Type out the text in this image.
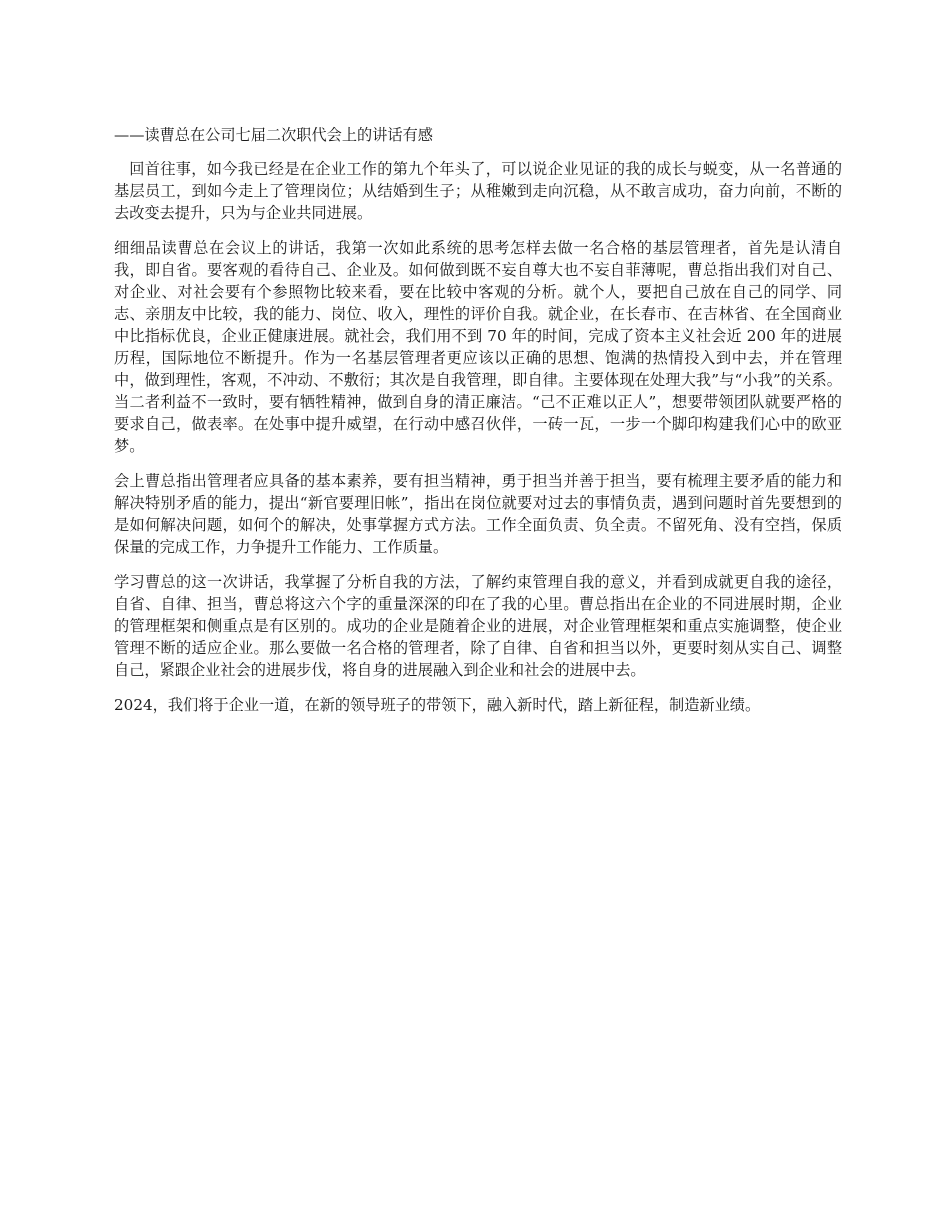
——读曹总在公司七届二次职代会上的讲话有感

回首往事，如今我已经是在企业工作的第九个年头了，可以说企业见证的我的成长与蜕变，从一名普通的基层员工，到如今走上了管理岗位；从结婚到生子；从稚嫩到走向沉稳，从不敢言成功，奋力向前，不断的去改变去提升，只为与企业共同进展。

细细品读曹总在会议上的讲话，我第一次如此系统的思考怎样去做一名合格的基层管理者，首先是认清自我，即自省。要客观的看待自己、企业及。如何做到既不妄自尊大也不妄自菲薄呢，曹总指出我们对自己、对企业、对社会要有个参照物比较来看，要在比较中客观的分析。就个人，要把自己放在自己的同学、同志、亲朋友中比较，我的能力、岗位、收入，理性的评价自我。就企业，在长春市、在吉林省、在全国商业中比指标优良，企业正健康进展。就社会，我们用不到 70 年的时间，完成了资本主义社会近 200 年的进展历程，国际地位不断提升。作为一名基层管理者更应该以正确的思想、饱满的热情投入到中去，并在管理中，做到理性，客观，不冲动、不敷衍；其次是自我管理，即自律。主要体现在处理大我”与“小我”的关系。当二者利益不一致时，要有牺牲精神，做到自身的清正廉洁。“己不正难以正人”，想要带领团队就要严格的要求自己，做表率。在处事中提升威望，在行动中感召伙伴，一砖一瓦，一步一个脚印构建我们心中的欧亚梦。

会上曹总指出管理者应具备的基本素养，要有担当精神，勇于担当并善于担当，要有梳理主要矛盾的能力和解决特别矛盾的能力，提出“新官要理旧帐”，指出在岗位就要对过去的事情负责，遇到问题时首先要想到的是如何解决问题，如何个的解决，处事掌握方式方法。工作全面负责、负全责。不留死角、没有空挡，保质保量的完成工作，力争提升工作能力、工作质量。

学习曹总的这一次讲话，我掌握了分析自我的方法，了解约束管理自我的意义，并看到成就更自我的途径，自省、自律、担当，曹总将这六个字的重量深深的印在了我的心里。曹总指出在企业的不同进展时期，企业的管理框架和侧重点是有区别的。成功的企业是随着企业的进展，对企业管理框架和重点实施调整，使企业管理不断的适应企业。那么要做一名合格的管理者，除了自律、自省和担当以外，更要时刻从实自己、调整自己，紧跟企业社会的进展步伐，将自身的进展融入到企业和社会的进展中去。

2024，我们将于企业一道，在新的领导班子的带领下，融入新时代，踏上新征程，制造新业绩。
